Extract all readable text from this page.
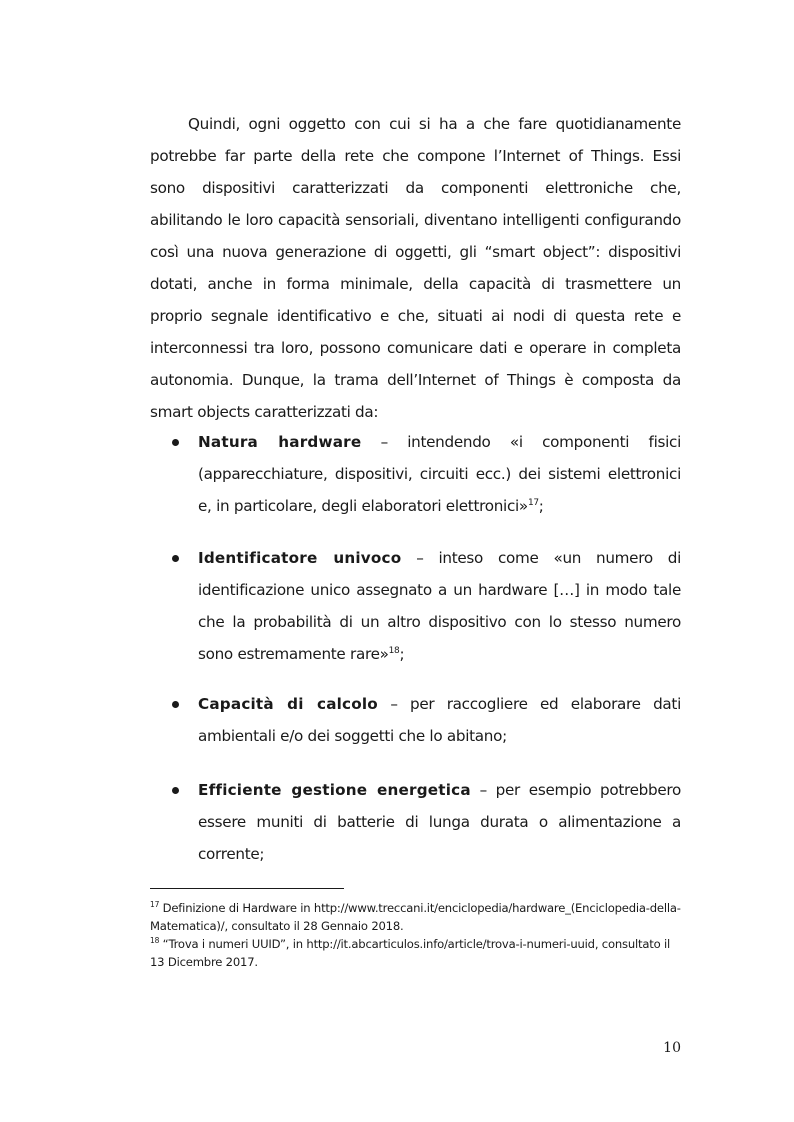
Quindi, ogni oggetto con cui si ha a che fare quotidianamente potrebbe far parte della rete che compone l’Internet of Things. Essi sono dispositivi caratterizzati da componenti elettroniche che, abilitando le loro capacità sensoriali, diventano intelligenti configurando così una nuova generazione di oggetti, gli “smart object”: dispositivi dotati, anche in forma minimale, della capacità di trasmettere un proprio segnale identificativo e che, situati ai nodi di questa rete e interconnessi tra loro, possono comunicare dati e operare in completa autonomia. Dunque, la trama dell’Internet of Things è composta da smart objects caratterizzati da:

Natura hardware – intendendo «i componenti fisici (apparecchiature, dispositivi, circuiti ecc.) dei sistemi elettronici e, in particolare, degli elaboratori elettronici»$^{17}$;

Identificatore univoco – inteso come «un numero di identificazione unico assegnato a un hardware […] in modo tale che la probabilità di un altro dispositivo con lo stesso numero sono estremamente rare»$^{18}$;

Capacità di calcolo – per raccogliere ed elaborare dati ambientali e/o dei soggetti che lo abitano;

Efficiente gestione energetica – per esempio potrebbero essere muniti di batterie di lunga durata o alimentazione a corrente;

$^{17}$ Definizione di Hardware in http://www.treccani.it/enciclopedia/hardware_(Enciclopedia-della-Matematica)/, consultato il 28 Gennaio 2018.

$^{18}$ “Trova i numeri UUID”, in http://it.abcarticulos.info/article/trova-i-numeri-uuid, consultato il 13 Dicembre 2017.

10
